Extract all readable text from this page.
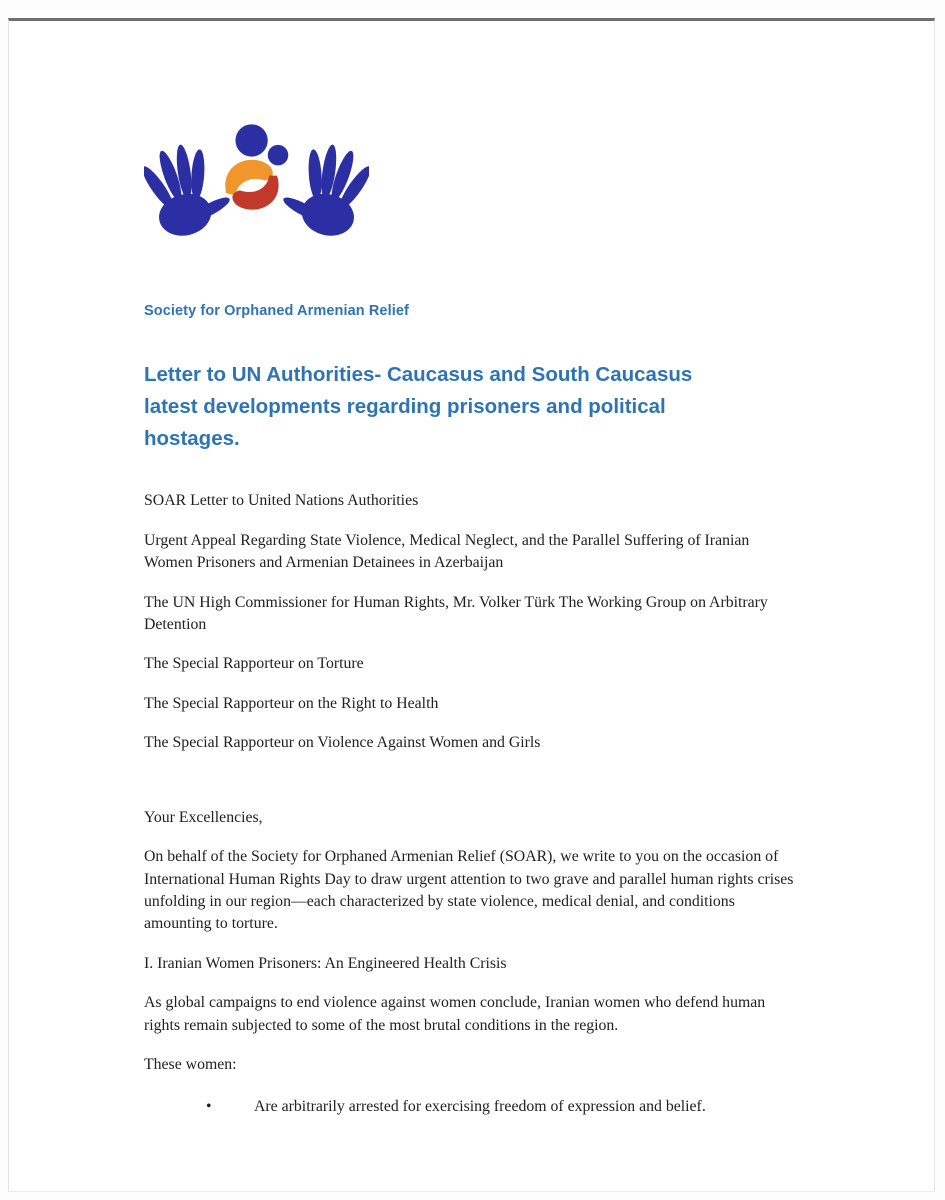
Society for Orphaned Armenian Relief
Letter to UN Authorities- Caucasus and South Caucasus latest developments regarding prisoners and political hostages.

SOAR Letter to United Nations Authorities

Urgent Appeal Regarding State Violence, Medical Neglect, and the Parallel Suffering of Iranian Women Prisoners and Armenian Detainees in Azerbaijan

The UN High Commissioner for Human Rights, Mr. Volker Türk The Working Group on Arbitrary Detention

The Special Rapporteur on Torture

The Special Rapporteur on the Right to Health

The Special Rapporteur on Violence Against Women and Girls

Your Excellencies,

On behalf of the Society for Orphaned Armenian Relief (SOAR), we write to you on the occasion of International Human Rights Day to draw urgent attention to two grave and parallel human rights crises unfolding in our region—each characterized by state violence, medical denial, and conditions amounting to torture.

I. Iranian Women Prisoners: An Engineered Health Crisis

As global campaigns to end violence against women conclude, Iranian women who defend human rights remain subjected to some of the most brutal conditions in the region.

These women:

•	Are arbitrarily arrested for exercising freedom of expression and belief.
